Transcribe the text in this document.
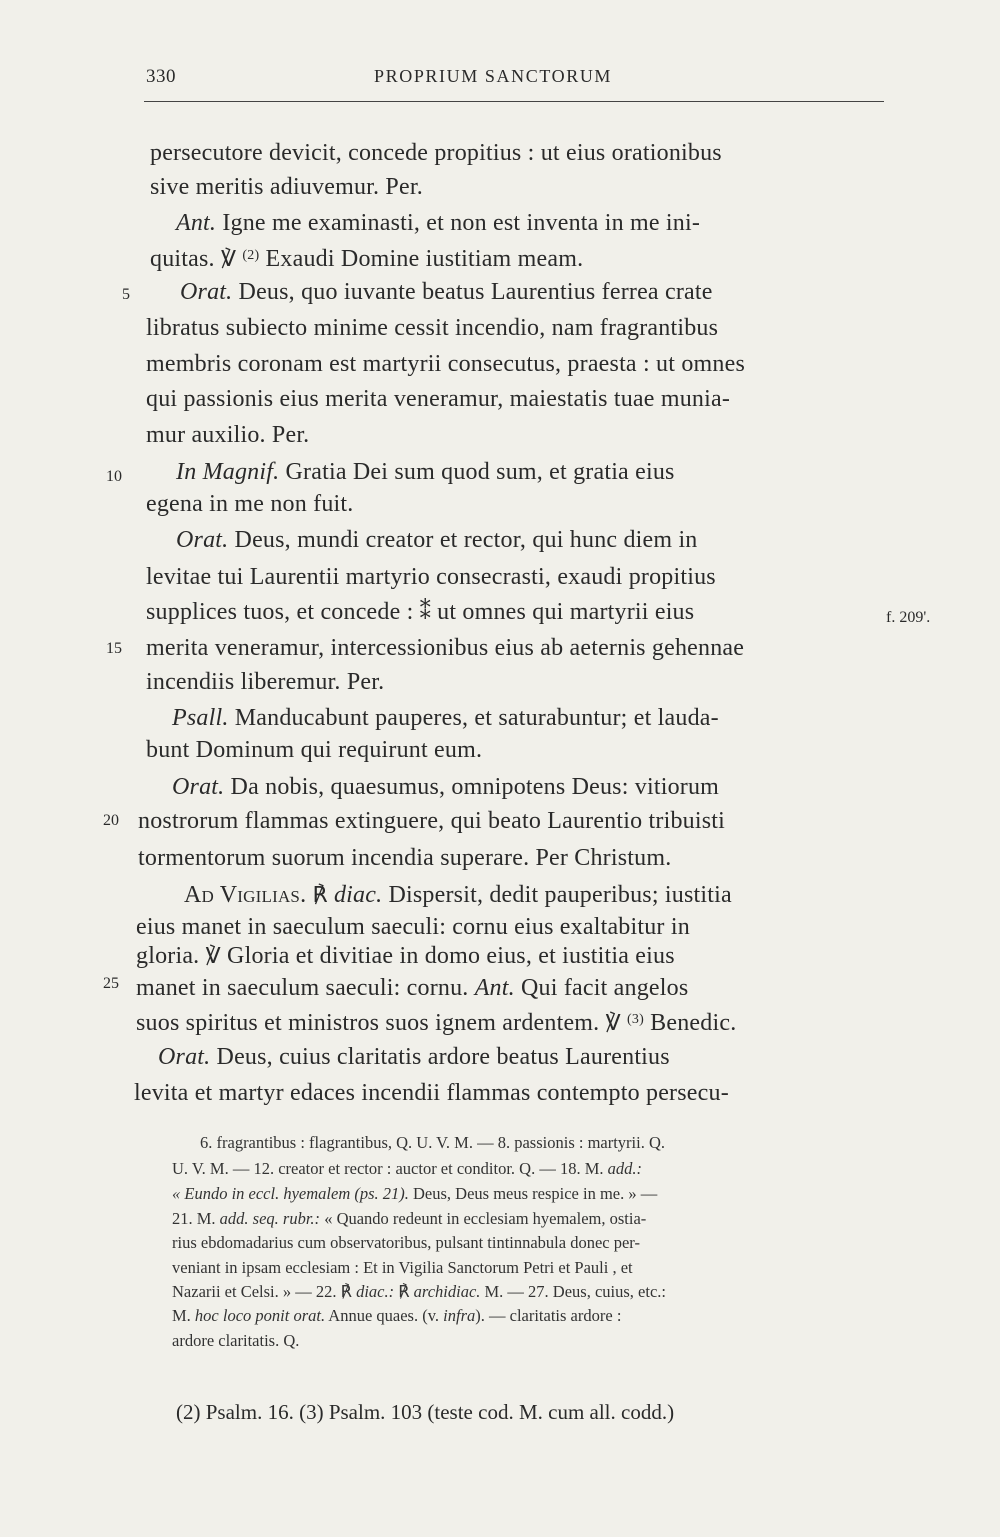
330	PROPRIUM SANCTORUM
5
10
15
20
25
f. 209'.
persecutore devicit, concede propitius : ut eius orationibus
sive meritis adiuvemur. Per.
Ant. Igne me examinasti, et non est inventa in me ini-
quitas. ℣ $^{(2)}$ Exaudi Domine iustitiam meam.
Orat. Deus, quo iuvante beatus Laurentius ferrea crate
libratus subiecto minime cessit incendio, nam fragrantibus
membris coronam est martyrii consecutus, praesta : ut omnes
qui passionis eius merita veneramur, maiestatis tuae munia-
mur auxilio. Per.
In Magnif. Gratia Dei sum quod sum, et gratia eius
egena in me non fuit.
Orat. Deus, mundi creator et rector, qui hunc diem in
levitae tui Laurentii martyrio consecrasti, exaudi propitius
supplices tuos, et concede : ⁑ ut omnes qui martyrii eius
merita veneramur, intercessionibus eius ab aeternis gehennae
incendiis liberemur. Per.
Psall. Manducabunt pauperes, et saturabuntur; et lauda-
bunt Dominum qui requirunt eum.
Orat. Da nobis, quaesumus, omnipotens Deus: vitiorum
nostrorum flammas extinguere, qui beato Laurentio tribuisti
tormentorum suorum incendia superare. Per Christum.
Ad Vigilias. ℟ diac. Dispersit, dedit pauperibus; iustitia
eius manet in saeculum saeculi: cornu eius exaltabitur in
gloria. ℣ Gloria et divitiae in domo eius, et iustitia eius
manet in saeculum saeculi: cornu. Ant. Qui facit angelos
suos spiritus et ministros suos ignem ardentem. ℣ $^{(3)}$ Benedic.
Orat. Deus, cuius claritatis ardore beatus Laurentius
levita et martyr edaces incendii flammas contempto persecu-
6. fragrantibus : flagrantibus, Q. U. V. M. — 8. passionis : martyrii. Q.
U. V. M. — 12. creator et rector : auctor et conditor. Q. — 18. M. add.:
« Eundo in eccl. hyemalem (ps. 21). Deus, Deus meus respice in me. » —
21. M. add. seq. rubr.: « Quando redeunt in ecclesiam hyemalem, ostia-
rius ebdomadarius cum observatoribus, pulsant tintinnabula donec per-
veniant in ipsam ecclesiam : Et in Vigilia Sanctorum Petri et Pauli , et
Nazarii et Celsi. » — 22. ℟ diac.: ℟ archidiac. M. — 27. Deus, cuius, etc.:
M. hoc loco ponit orat. Annue quaes. (v. infra). — claritatis ardore :
ardore claritatis. Q.
(2) Psalm. 16. (3) Psalm. 103 (teste cod. M. cum all. codd.)
